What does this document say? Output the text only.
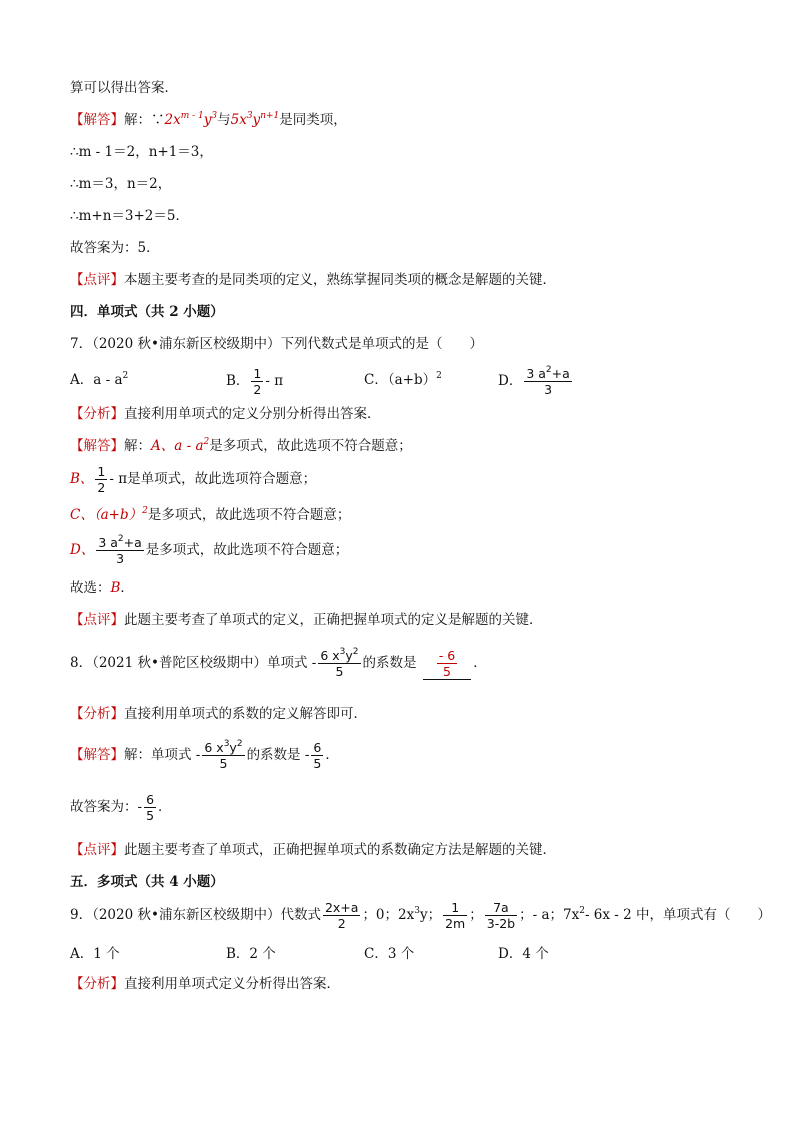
算可以得出答案．
【解答】解：$\because 2x^{m - 1}y^3$与$5x^3y^{n+1}$是同类项，
∴m - 1＝2，n+1＝3，
∴m＝3，n＝2，
∴m+n＝3+2＝5．
故答案为：5．
【点评】本题主要考查的是同类项的定义，熟练掌握同类项的概念是解题的关键．
四．单项式（共 2 小题）
7．（2020 秋•浦东新区校级期中）下列代数式是单项式的是（　　）
A．a - $a^2$	B． $\frac{1}{2}$ - π	C．$(a+b)^2$	D． $\frac{3 a^2+a}{3}$
【分析】直接利用单项式的定义分别分析得出答案．
【解答】解：A、a - $a^2$是多项式，故此选项不符合题意；
B、 $\frac{1}{2}$ - π是单项式，故此选项符合题意；
C、$(a+b)^2$是多项式，故此选项不符合题意；
D、 $\frac{3 a^2+a}{3}$ 是多项式，故此选项不符合题意；
故选：B．
【点评】此题主要考查了单项式的定义，正确把握单项式的定义是解题的关键．
8．（2021 秋•普陀区校级期中）单项式 - $\frac{6 x^3y^2}{5}$ 的系数是 $\frac{- 6}{5}$ ．
【分析】直接利用单项式的系数的定义解答即可．
【解答】解：单项式 - $\frac{6 x^3y^2}{5}$ 的系数是 - $\frac{6}{5}$ ．
故答案为：- $\frac{6}{5}$ ．
【点评】此题主要考查了单项式，正确把握单项式的系数确定方法是解题的关键．
五．多项式（共 4 小题）
9．（2020 秋•浦东新区校级期中）代数式 $\frac{2x+a}{2}$ ；0；$2x^3y$； $\frac{1}{2m}$ ； $\frac{7a}{3-2b}$ ；- a；$7x^2-$ 6x - 2 中，单项式有（　　）
A．1 个	B．2 个	C．3 个	D．4 个
【分析】直接利用单项式定义分析得出答案．
